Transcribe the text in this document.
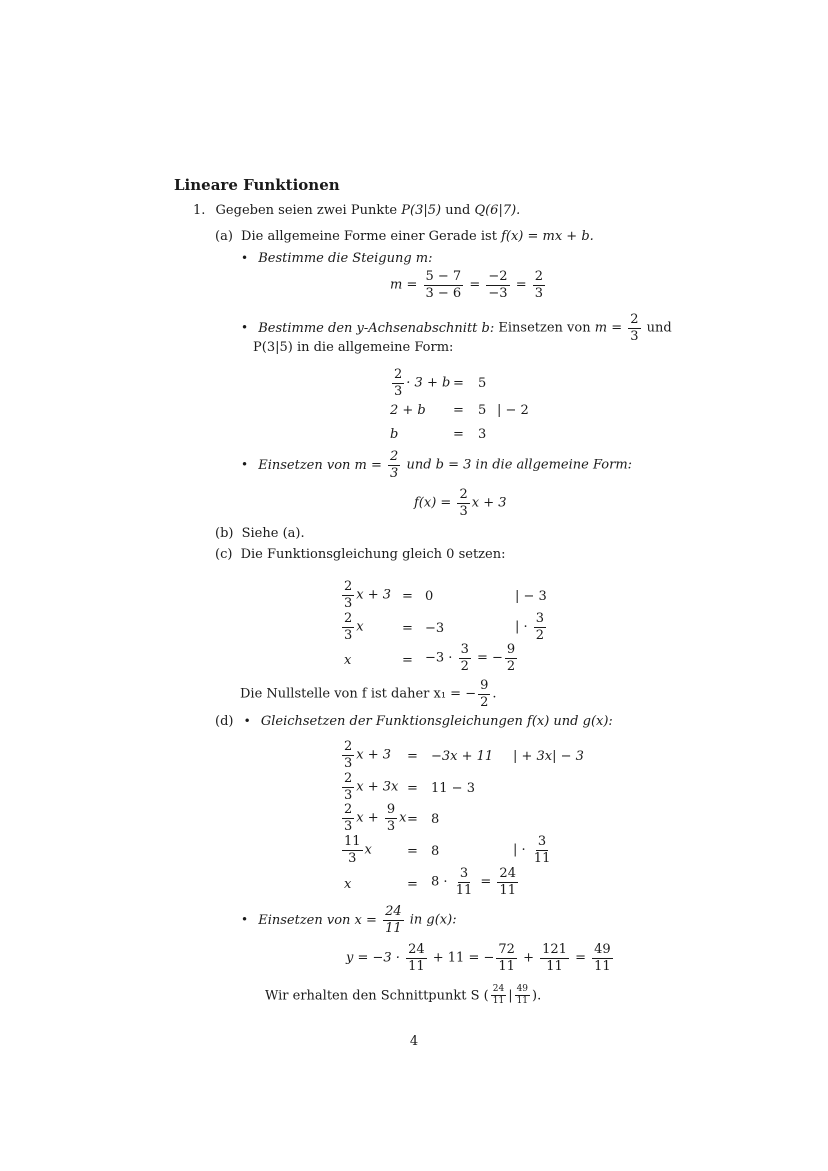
Lineare Funktionen
1. Gegeben seien zwei Punkte P(3|5) und Q(6|7).
(a) Die allgemeine Forme einer Gerade ist f(x) = mx + b.
• Bestimme die Steigung m:
$m = \frac{5 - 7}{3 - 6} = \frac{-2}{-3} = \frac{2}{3}$
• Bestimme den y-Achsenabschnitt b: Einsetzen von $m = \frac{2}{3}$ und
P(3|5) in die allgemeine Form:
$\frac{2}{3} \cdot 3 + b = 5$
2 + b = 5 | − 2
b	= 3
• Einsetzen von $m = \frac{2}{3}$ und b = 3 in die allgemeine Form:
$f(x) = \frac{2}{3}$ x + 3
(b) Siehe (a).
(c) Die Funktionsgleichung gleich 0 setzen:
$\frac{2}{3}$ x + 3 = 0	| − 3
$\frac{2}{3}$ x	= −3	| · $\frac{3}{2}$
x	= $-3 \cdot \frac{3}{2}$ = − $\frac{9}{2}$
Die Nullstelle von f ist daher x₁ = − $\frac{9}{2}$ .
(d) • Gleichsetzen der Funktionsgleichungen f(x) und g(x):
$\frac{2}{3}$ x + 3 = −3x + 11 | + 3x| − 3
$\frac{2}{3}$ x + 3x = 11 − 3
$\frac{2}{3}$ $x + \frac{9}{3}$ x = 8
$\frac{11}{3}$ x	= 8	| · $\frac{3}{11}$
x	= $8 \cdot \frac{3}{11} = \frac{24}{11}$
• Einsetzen von $x = \frac{24}{11}$ in g(x):
$y = -3 \cdot \frac{24}{11} + 11$ = − $\frac{72}{11} + \frac{121}{11} = \frac{49}{11}$
Wir erhalten den Schnittpunkt S ( $\frac{24}{11}$ | $\frac{49}{11}$ ).
4
